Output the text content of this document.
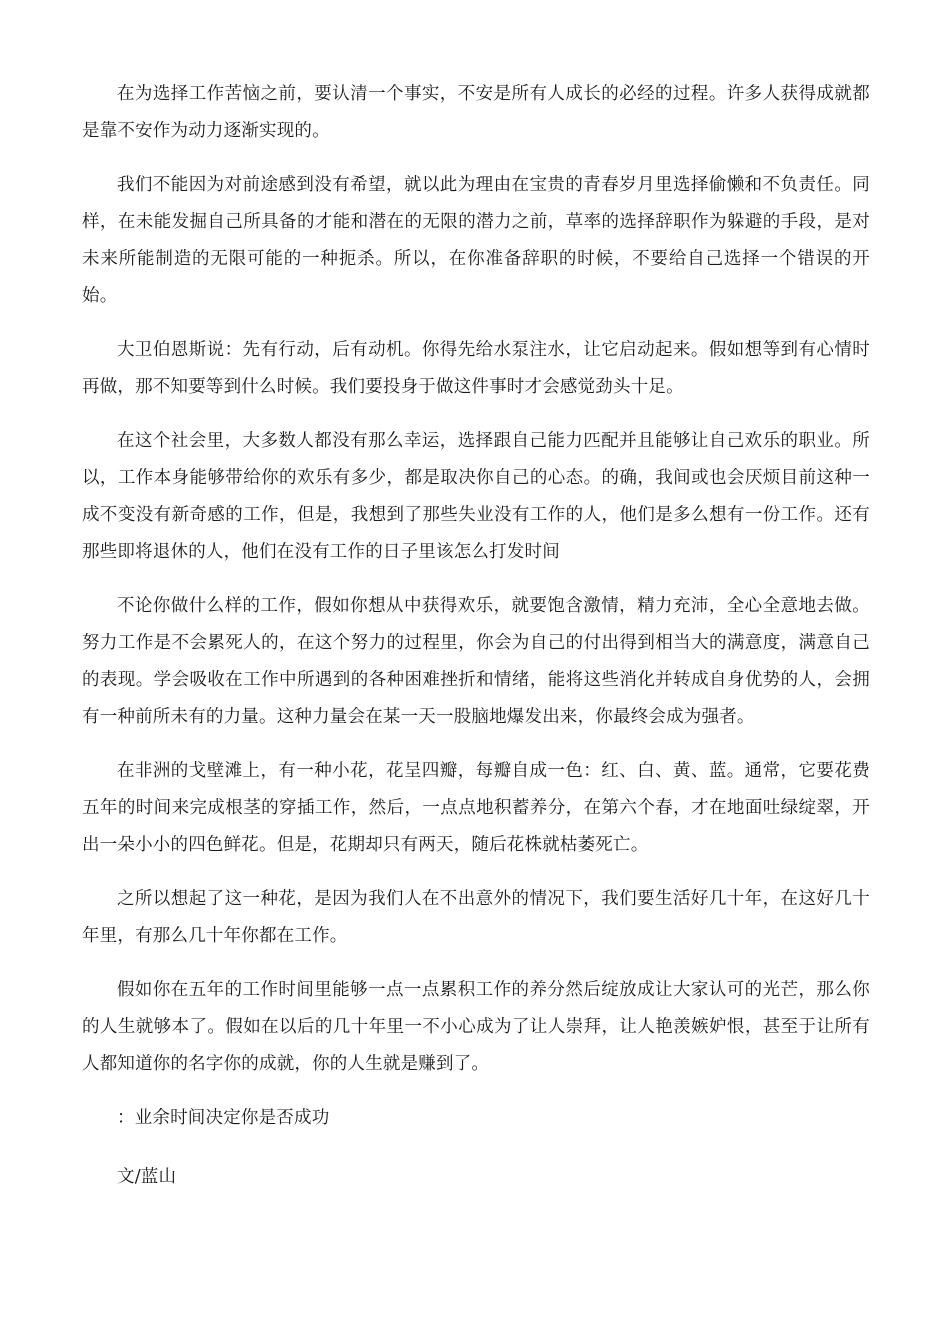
在为选择工作苦恼之前，要认清一个事实，不安是所有人成长的必经的过程。许多人获得成就都是靠不安作为动力逐渐实现的。

我们不能因为对前途感到没有希望，就以此为理由在宝贵的青春岁月里选择偷懒和不负责任。同样，在未能发掘自己所具备的才能和潜在的无限的潜力之前，草率的选择辞职作为躲避的手段，是对未来所能制造的无限可能的一种扼杀。所以，在你准备辞职的时候，不要给自己选择一个错误的开始。

大卫伯恩斯说：先有行动，后有动机。你得先给水泵注水，让它启动起来。假如想等到有心情时再做，那不知要等到什么时候。我们要投身于做这件事时才会感觉劲头十足。

在这个社会里，大多数人都没有那么幸运，选择跟自己能力匹配并且能够让自己欢乐的职业。所以，工作本身能够带给你的欢乐有多少，都是取决你自己的心态。的确，我间或也会厌烦目前这种一成不变没有新奇感的工作，但是，我想到了那些失业没有工作的人，他们是多么想有一份工作。还有那些即将退休的人，他们在没有工作的日子里该怎么打发时间

不论你做什么样的工作，假如你想从中获得欢乐，就要饱含激情，精力充沛，全心全意地去做。努力工作是不会累死人的，在这个努力的过程里，你会为自己的付出得到相当大的满意度，满意自己的表现。学会吸收在工作中所遇到的各种困难挫折和情绪，能将这些消化并转成自身优势的人，会拥有一种前所未有的力量。这种力量会在某一天一股脑地爆发出来，你最终会成为强者。

在非洲的戈壁滩上，有一种小花，花呈四瓣，每瓣自成一色：红、白、黄、蓝。通常，它要花费五年的时间来完成根茎的穿插工作，然后，一点点地积蓄养分，在第六个春，才在地面吐绿绽翠，开出一朵小小的四色鲜花。但是，花期却只有两天，随后花株就枯萎死亡。

之所以想起了这一种花，是因为我们人在不出意外的情况下，我们要生活好几十年，在这好几十年里，有那么几十年你都在工作。

假如你在五年的工作时间里能够一点一点累积工作的养分然后绽放成让大家认可的光芒，那么你的人生就够本了。假如在以后的几十年里一不小心成为了让人崇拜，让人艳羡嫉妒恨，甚至于让所有人都知道你的名字你的成就，你的人生就是赚到了。

：业余时间决定你是否成功

文/蓝山
